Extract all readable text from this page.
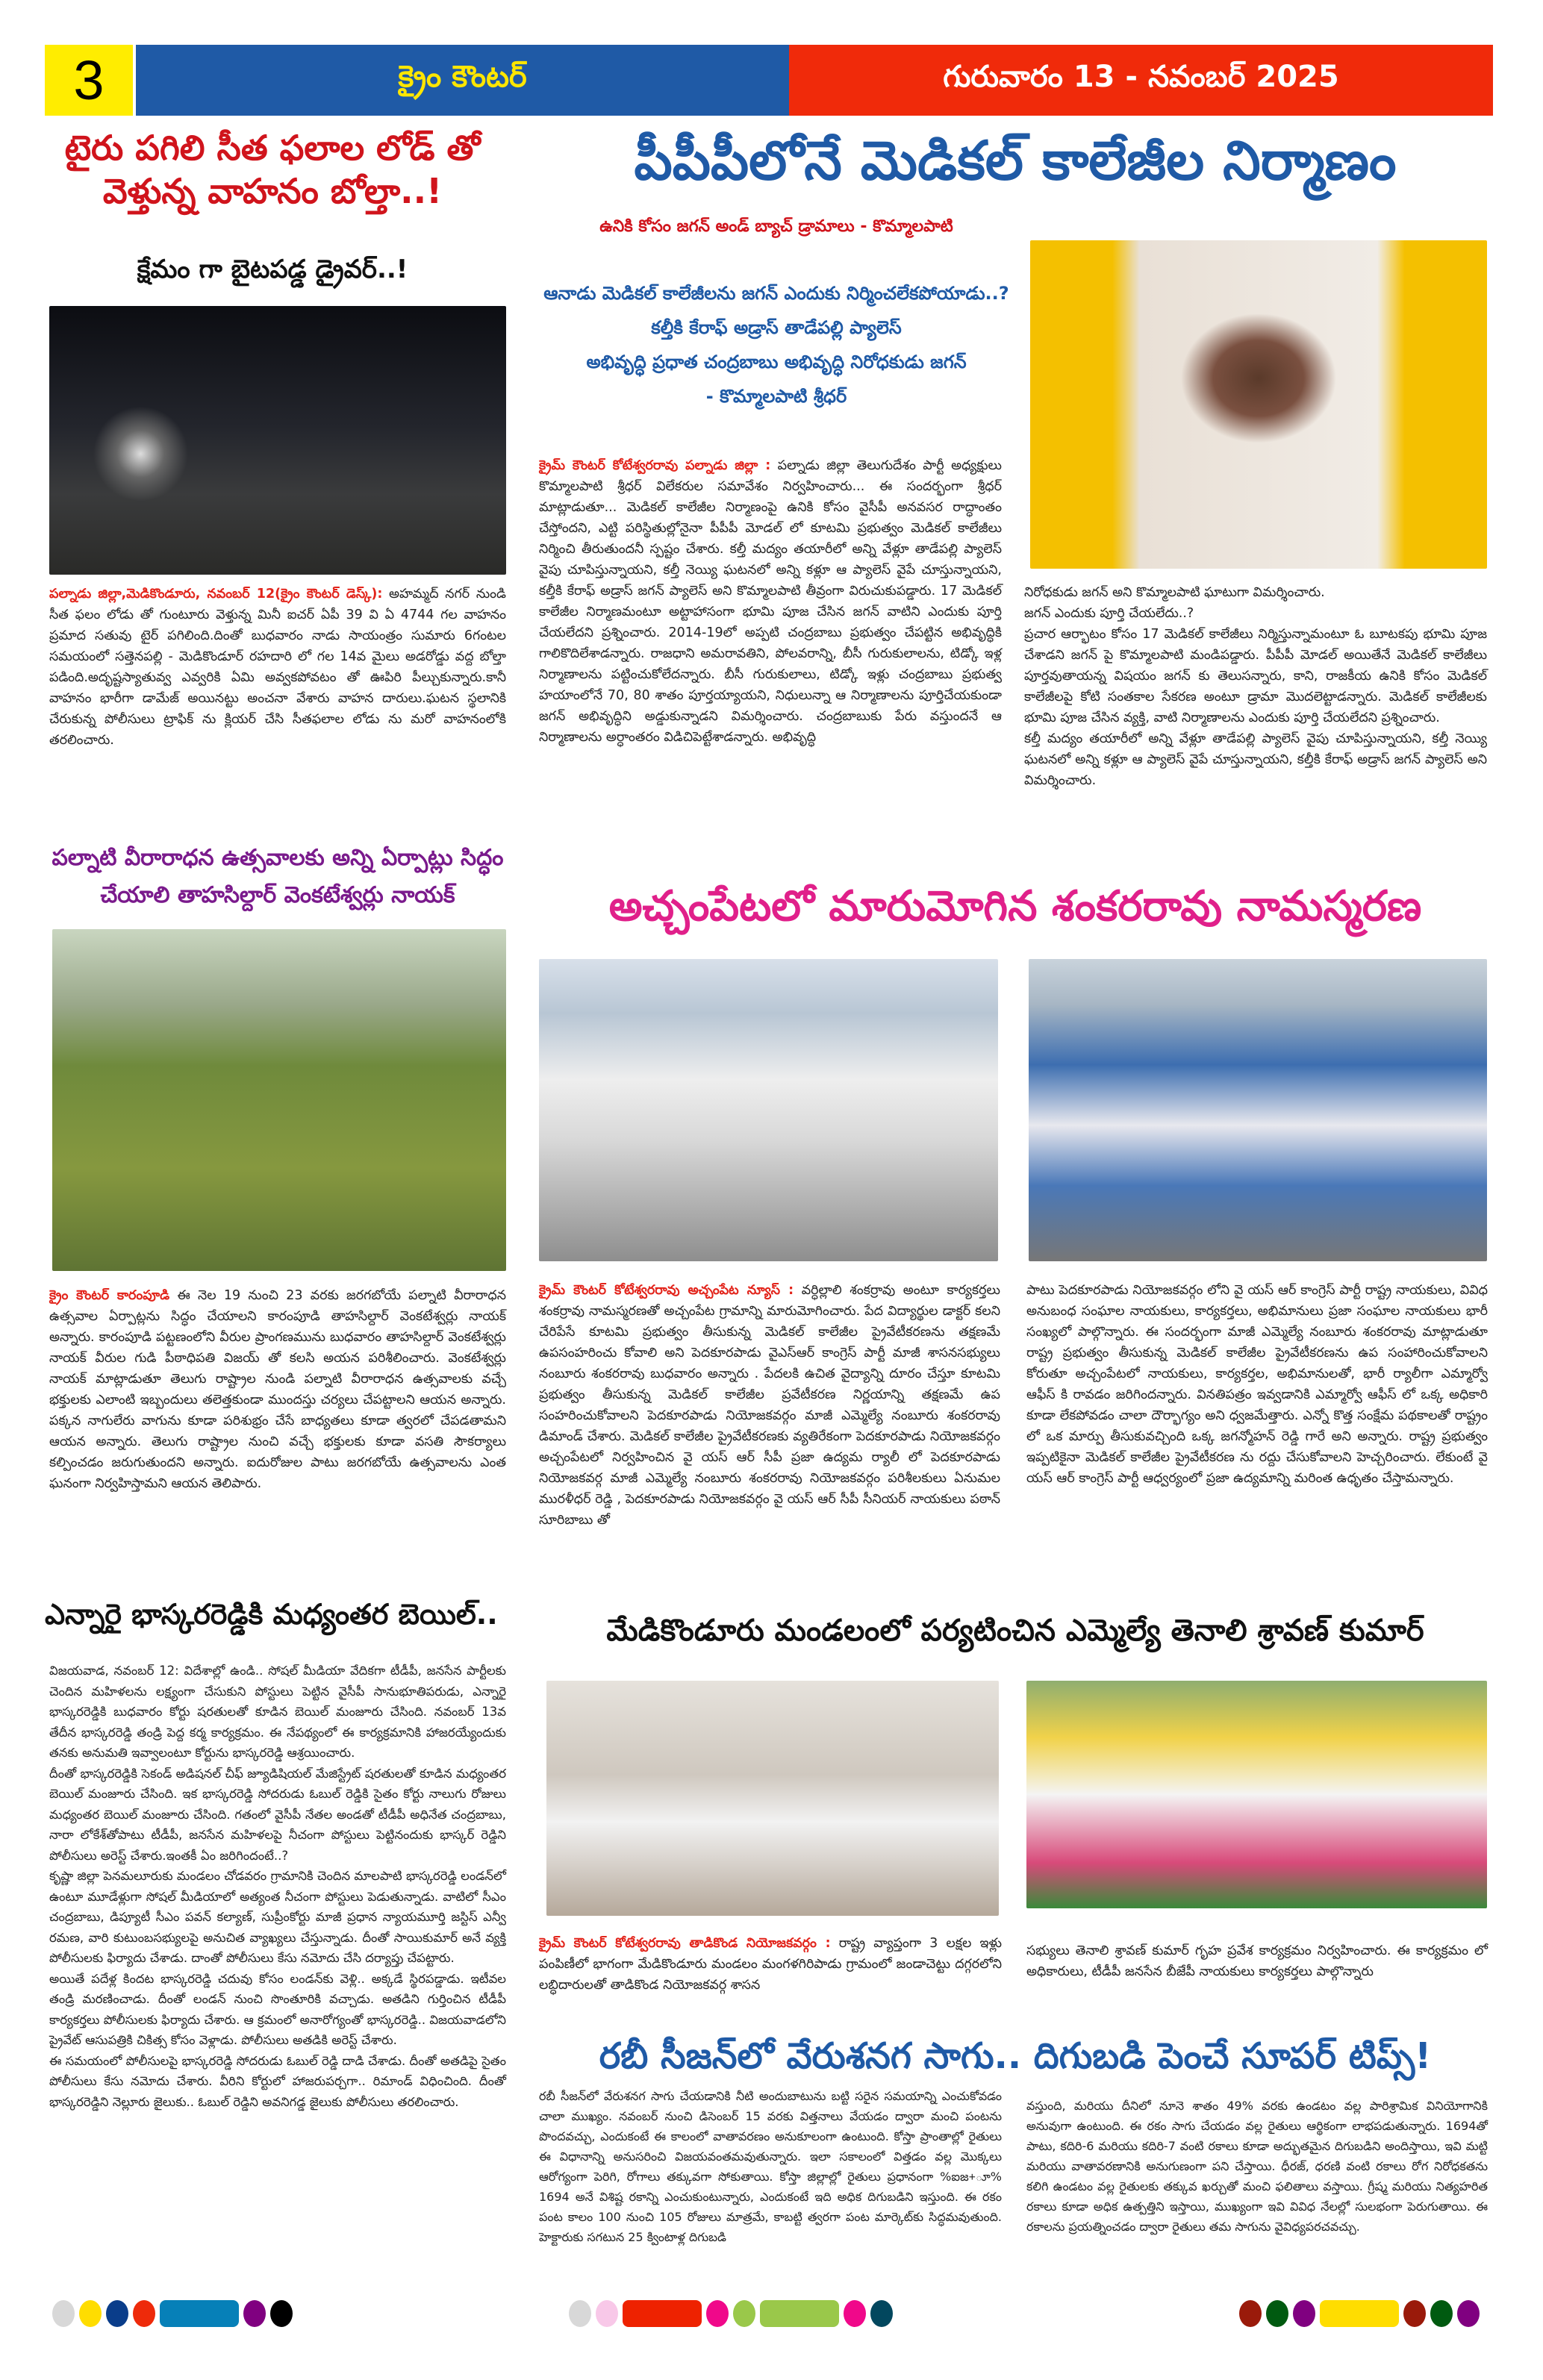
3	క్రైం కౌంటర్	గురువారం 13 - నవంబర్ 2025
టైరు పగిలి సీత ఫలాల లోడ్ తో వెళ్తున్న వాహనం బోల్తా..!
క్షేమం గా బైటపడ్డ డ్రైవర్..!
పల్నాడు జిల్లా,మెడికొండూరు, నవంబర్ 12(క్రైం కౌంటర్ డెస్క్): అహమ్మద్ నగర్ నుండి సీత ఫలం లోడు తో గుంటూరు వెళ్తున్న మినీ ఐచర్ ఏపీ 39 వి ఏ 4744 గల వాహనం ప్రమాద సతువు టైర్ పగిలింది.దింతో బుధవారం నాడు సాయంత్రం సుమారు 6గంటల సమయంలో సత్తెనపల్లి - మెడికొండూర్ రహదారి లో గల 14వ మైలు అడరోడ్డు వద్ద బోల్తా పడింది.అదృష్టస్యాతువ్వ ఎవ్వరికి ఏమి అవ్వకపోవటం తో ఊపిరి పీల్చుకున్నారు.కానీ వాహనం భారీగా డామేజ్ అయినట్టు అంచనా వేశారు వాహన దారులు.ఘటన స్థలానికి చేరుకున్న పోలీసులు ట్రాఫిక్ ను క్లియర్ చేసి సీతఫలాల లోడు ను మరో వాహనంలోకి తరలించారు.
పల్నాటి వీరారాధన ఉత్సవాలకు అన్ని ఏర్పాట్లు సిద్ధం చేయాలి తాహసిల్దార్ వెంకటేశ్వర్లు నాయక్
క్రైం కౌంటర్ కారంపూడి ఈ నెల 19 నుంచి 23 వరకు జరగబోయే పల్నాటి వీరారాధన ఉత్సవాల ఏర్పాట్లను సిద్ధం చేయాలని కారంపూడి తాహసిల్దార్ వెంకటేశ్వర్లు నాయక్ అన్నారు. కారంపూడి పట్టణంలోని వీరుల ప్రాంగణమును బుధవారం తాహసిల్దార్ వెంకటేశ్వర్లు నాయక్ వీరుల గుడి పీఠాధిపతి విజయ్ తో కలసి అయన పరిశీలించారు. వెంకటేశ్వర్లు నాయక్ మాట్లాడుతూ తెలుగు రాష్ట్రాల నుండి పల్నాటి వీరారాధన ఉత్సవాలకు వచ్చే భక్తులకు ఎలాంటి ఇబ్బందులు తలెత్తకుండా ముందస్తు చర్యలు చేపట్టాలని ఆయన అన్నారు. పక్కన నాగులేరు వాగును కూడా పరిశుభ్రం చేసే బాధ్యతలు కూడా త్వరలో చేపడతామని ఆయన అన్నారు. తెలుగు రాష్ట్రాల నుంచి వచ్చే భక్తులకు కూడా వసతి సౌకర్యాలు కల్పించడం జరుగుతుందని అన్నారు. ఐదురోజుల పాటు జరగబోయే ఉత్సవాలను ఎంత ఘనంగా నిర్వహిస్తామని ఆయన తెలిపారు.
ఎన్నారై భాస్కరరెడ్డికి మధ్యంతర బెయిల్..

విజయవాడ, నవంబర్ 12: విదేశాల్లో ఉండి.. సోషల్ మీడియా వేదికగా టీడీపీ, జనసేన పార్టీలకు చెందిన మహిళలను లక్ష్యంగా చేసుకుని పోస్టులు పెట్టిన వైసీపీ సానుభూతిపరుడు, ఎన్నారై భాస్కరరెడ్డికి బుధవారం కోర్టు షరతులతో కూడిన బెయిల్ మంజూరు చేసింది. నవంబర్ 13వ తేదీన భాస్కరరెడ్డి తండ్రి పెద్ద కర్మ కార్యక్రమం. ఈ నేపథ్యంలో ఈ కార్యక్రమానికి హాజరయ్యేందుకు తనకు అనుమతి ఇవ్వాలంటూ కోర్టును భాస్కరరెడ్డి ఆశ్రయించారు.

దీంతో భాస్కరరెడ్డికి సెకండ్ అడిషనల్ చీఫ్ జ్యూడిషియల్ మేజిస్ట్రేట్ షరతులతో కూడిన మధ్యంతర బెయిల్ మంజూరు చేసింది. ఇక భాస్కరరెడ్డి సోదరుడు ఓబుల్ రెడ్డికి సైతం కోర్టు నాలుగు రోజులు మధ్యంతర బెయిల్ మంజూరు చేసింది. గతంలో వైసీపీ నేతల అండతో టీడీపీ అధినేత చంద్రబాబు, నారా లోకేశ్‌తోపాటు టీడీపీ, జనసేన మహిళలపై నీచంగా పోస్టులు పెట్టినందుకు భాస్కర్ రెడ్డిని పోలీసులు అరెస్ట్ చేశారు.ఇంతకీ ఏం జరిగిందంటే..?

కృష్ణా జిల్లా పెనమలూరుకు మండలం చోడవరం గ్రామానికి చెందిన మాలపాటి భాస్కరరెడ్డి లండన్‌లో ఉంటూ మూడేళ్లుగా సోషల్ మీడియాలో అత్యంత నీచంగా పోస్టులు పెడుతున్నాడు. వాటిలో సీఎం చంద్రబాబు, డిప్యూటీ సీఎం పవన్ కల్యాణ్, సుప్రీంకోర్టు మాజీ ప్రధాన న్యాయమూర్తి జస్టిస్ ఎన్వీ రమణ, వారి కుటుంబసభ్యులపై అనుచిత వ్యాఖ్యలు చేస్తున్నాడు. దీంతో సాయికుమార్ అనే వ్యక్తి పోలీసులకు ఫిర్యాదు చేశాడు. దాంతో పోలీసులు కేసు నమోదు చేసి దర్యాప్తు చేపట్టారు.

అయితే పదేళ్ల కిందట భాస్కరరెడ్డి చదువు కోసం లండన్‌కు వెళ్లి.. అక్కడే స్థిరపడ్డాడు. ఇటీవల తండ్రి మరణించాడు. దీంతో లండన్ నుంచి సొంతూరికి వచ్చాడు. అతడిని గుర్తించిన టీడీపీ కార్యకర్తలు పోలీసులకు ఫిర్యాదు చేశారు. ఆ క్రమంలో అనారోగ్యంతో భాస్కరరెడ్డి.. విజయవాడలోని ప్రైవేట్ ఆసుపత్రికి చికిత్స కోసం వెళ్లాడు. పోలీసులు అతడికి అరెస్ట్ చేశారు.

ఈ సమయంలో పోలీసులపై భాస్కరరెడ్డి సోదరుడు ఓబుల్ రెడ్డి దాడి చేశాడు. దీంతో అతడిపై సైతం పోలీసులు కేసు నమోదు చేశారు. వీరిని కోర్టులో హాజరుపర్చగా.. రిమాండ్ విధించింది. దీంతో భాస్కరరెడ్డిని నెల్లూరు జైలుకు.. ఓబుల్ రెడ్డిని అవనిగడ్డ జైలుకు పోలీసులు తరలించారు.

పీపీపీలోనే మెడికల్ కాలేజీల నిర్మాణం
ఉనికి కోసం జగన్ అండ్ బ్యాచ్ డ్రామాలు - కొమ్మాలపాటి
ఆనాడు మెడికల్ కాలేజీలను జగన్ ఎందుకు నిర్మించలేకపోయాడు..?
కల్తీకి కేరాఫ్ అడ్రాస్ తాడేపల్లి ప్యాలెస్
అభివృద్ధి ప్రధాత చంద్రబాబు అభివృద్ధి నిరోధకుడు జగన్
- కొమ్మాలపాటి శ్రీధర్
క్రైమ్ కౌంటర్ కోటేశ్వరరావు పల్నాడు జిల్లా : పల్నాడు జిల్లా తెలుగుదేశం పార్టీ అధ్యక్షులు కొమ్మాలపాటి శ్రీధర్ విలేకరుల సమావేశం నిర్వహించారు... ఈ సందర్భంగా శ్రీధర్ మాట్లాడుతూ... మెడికల్ కాలేజీల నిర్మాణంపై ఉనికి కోసం వైసీపీ అనవసర రాద్ధాంతం చేస్తోందని, ఎట్టి పరిస్థితుల్లోనైనా పీపీపీ మోడల్ లో కూటమి ప్రభుత్వం మెడికల్ కాలేజీలు నిర్మించి తీరుతుందనీ స్పష్టం చేశారు. కల్తీ మద్యం తయారీలో అన్ని వేళ్లూ తాడేపల్లి ప్యాలెస్ వైపు చూపిస్తున్నాయని, కల్తీ నెయ్యి ఘటనలో అన్ని కళ్లూ ఆ ప్యాలెస్ వైపే చూస్తున్నాయని, కల్తీకి కేరాఫ్ అడ్రాస్ జగన్ ప్యాలెస్ అని కొమ్మాలపాటి తీవ్రంగా విరుచుకుపడ్డారు. 17 మెడికల్ కాలేజీల నిర్మాణమంటూ అట్టాహాసంగా భూమి పూజ చేసిన జగన్ వాటిని ఎందుకు పూర్తి చేయలేదని ప్రశ్నించారు. 2014-19లో అప్పటి చంద్రబాబు ప్రభుత్వం చేపట్టిన అభివృద్ధికి గాలికొదిలేశాడన్నారు. రాజధాని అమరావతిని, పోలవరాన్ని, బీసీ గురుకులాలను, టిడ్కో ఇళ్ల నిర్మాణాలను పట్టించుకోలేదన్నారు. బీసీ గురుకులాలు, టిడ్కో ఇళ్లు చంద్రబాబు ప్రభుత్వ హయాంలోనే 70, 80 శాతం పూర్తయ్యాయని, నిధులున్నా ఆ నిర్మాణాలను పూర్తిచేయకుండా జగన్ అభివృద్ధిని అడ్డుకున్నాడని విమర్శించారు. చంద్రబాబుకు పేరు వస్తుందనే ఆ నిర్మాణాలను అర్ధాంతరం విడిచిపెట్టేశాడన్నారు. అభివృద్ధి

నిరోధకుడు జగన్ అని కొమ్మాలపాటి ఘాటుగా విమర్శించారు.

జగన్ ఎందుకు పూర్తి చేయలేదు..?

ప్రచార ఆర్భాటం కోసం 17 మెడికల్ కాలేజీలు నిర్మిస్తున్నామంటూ ఓ బూటకపు భూమి పూజ చేశాడని జగన్ పై కొమ్మాలపాటి మండిపడ్డారు. పీపీపీ మోడల్ అయితేనే మెడికల్ కాలేజీలు పూర్తవుతాయన్న విషయం జగన్ కు తెలుసన్నారు, కాని, రాజకీయ ఉనికి కోసం మెడికల్ కాలేజీలపై కోటి సంతకాల సేకరణ అంటూ డ్రామా మొదలెట్టాడన్నారు. మెడికల్ కాలేజీలకు భూమి పూజ చేసిన వ్యక్తి, వాటి నిర్మాణాలను ఎందుకు పూర్తి చేయలేదని ప్రశ్నించారు.

కల్తీ మద్యం తయారీలో అన్ని వేళ్లూ తాడేపల్లి ప్యాలెస్ వైపు చూపిస్తున్నాయని, కల్తీ నెయ్యి ఘటనలో అన్ని కళ్లూ ఆ ప్యాలెస్ వైపే చూస్తున్నాయని, కల్తీకి కేరాఫ్ అడ్రాస్ జగన్ ప్యాలెస్ అని విమర్శించారు.

అచ్చంపేటలో మారుమోగిన శంకరరావు నామస్మరణ
క్రైమ్ కౌంటర్ కోటేశ్వరరావు అచ్చంపేట న్యూస్ : వర్ధిల్లాలి శంకర్రావు అంటూ కార్యకర్తలు శంకర్రావు నామస్మరణతో అచ్చంపేట గ్రామాన్ని మారుమోగించారు. పేద విద్యార్థుల డాక్టర్ కలని చేరిపేసే కూటమి ప్రభుత్వం తీసుకున్న మెడికల్ కాలేజీల ప్రైవేటీకరణను తక్షణమే ఉపసంహరించు కోవాలి అని పెదకూరపాడు వైఎస్ఆర్ కాంగ్రెస్ పార్టీ మాజీ శాసనసభ్యులు నంబూరు శంకరరావు బుధవారం అన్నారు . పేదలకి ఉచిత వైద్యాన్ని దూరం చేస్తూ కూటమి ప్రభుత్వం తీసుకున్న మెడికల్ కాలేజీల ప్రవేటీకరణ నిర్ణయాన్ని తక్షణమే ఉప సంహరించుకోవాలని పెదకూరపాడు నియోజకవర్గం మాజీ ఎమ్మెల్యే నంబూరు శంకరరావు డిమాండ్ చేశారు. మెడికల్ కాలేజీల ప్రైవేటీకరణకు వ్యతిరేకంగా పెదకూరపాడు నియోజకవర్గం అచ్చంపేటలో నిర్వహించిన వై యస్ ఆర్ సీపీ ప్రజా ఉద్యమ ర్యాలీ లో పెదకూరపాడు నియోజకవర్గ మాజీ ఎమ్మెల్యే నంబూరు శంకరరావు నియోజకవర్గం పరిశీలకులు ఏనుమల మురళీధర్ రెడ్డి , పెదకూరపాడు నియోజకవర్గం వై యస్ ఆర్ సీపీ సీనియర్ నాయకులు పఠాన్ సూరిబాబు తో
పాటు పెదకూరపాడు నియోజకవర్గం లోని వై యస్ ఆర్ కాంగ్రెస్ పార్టీ రాష్ట్ర నాయకులు, వివిధ అనుబంధ సంఘాల నాయకులు, కార్యకర్తలు, అభిమానులు ప్రజా సంఘాల నాయకులు భారీ సంఖ్యలో పాల్గొన్నారు. ఈ సందర్భంగా మాజీ ఎమ్మెల్యే నంబూరు శంకరరావు మాట్లాడుతూ రాష్ట్ర ప్రభుత్వం తీసుకున్న మెడికల్ కాలేజీల ప్రైవేటీకరణను ఉప సంహారించుకోవాలని కోరుతూ అచ్చంపేటలో నాయకులు, కార్యకర్తల, అభిమానులతో, భారీ ర్యాలీగా ఎమ్మార్వో ఆఫీస్ కి రావడం జరిగిందన్నారు. వినతిపత్రం ఇవ్వడానికి ఎమ్మార్వో ఆఫీస్ లో ఒక్క అధికారి కూడా లేకపోవడం చాలా దౌర్భాగ్యం అని ధ్వజమేత్తారు. ఎన్నో కొత్త సంక్షేమ పథకాలతో రాష్ట్రం లో ఒక మార్పు తీసుకువచ్చింది ఒక్క జగన్మోహన్ రెడ్డి గారే అని అన్నారు. రాష్ట్ర ప్రభుత్వం ఇప్పటికైనా మెడికల్ కాలేజీల ప్రైవేటీకరణ ను రద్దు చేసుకోవాలని హెచ్చరించారు. లేకుంటే వై యస్ ఆర్ కాంగ్రెస్ పార్టీ ఆధ్వర్యంలో ప్రజా ఉద్యమాన్ని మరింత ఉధృతం చేస్తామన్నారు.
మేడికొండూరు మండలంలో పర్యటించిన ఎమ్మెల్యే తెనాలి శ్రావణ్ కుమార్
క్రైమ్ కౌంటర్ కోటేశ్వరరావు తాడికొండ నియోజకవర్గం : రాష్ట్ర వ్యాప్తంగా 3 లక్షల ఇళ్లు పంపిణీలో భాగంగా మేడికొండూరు మండలం మంగళగిరిపాడు గ్రామంలో జండాచెట్టు దగ్గరలోని లబ్ధిదారులతో తాడికొండ నియోజకవర్గ శాసన
సభ్యులు తెనాలి శ్రావణ్ కుమార్ గృహ ప్రవేశ కార్యక్రమం నిర్వహించారు. ఈ కార్యక్రమం లో అధికారులు, టీడీపీ జనసేన బీజేపీ నాయకులు కార్యకర్తలు పాల్గొన్నారు
రబీ సీజన్‌లో వేరుశనగ సాగు.. దిగుబడి పెంచే సూపర్ టిప్స్!
రబీ సీజన్‌లో వేరుశనగ సాగు చేయడానికి నీటి అందుబాటును బట్టి సరైన సమయాన్ని ఎంచుకోవడం చాలా ముఖ్యం. నవంబర్ నుంచి డిసెంబర్ 15 వరకు విత్తనాలు వేయడం ద్వారా మంచి పంటను పొందవచ్చు, ఎందుకంటే ఈ కాలంలో వాతావరణం అనుకూలంగా ఉంటుంది. కోస్తా ప్రాంతాల్లో రైతులు ఈ విధానాన్ని అనుసరించి విజయవంతమవుతున్నారు. ఇలా సకాలంలో విత్తడం వల్ల మొక్కలు ఆరోగ్యంగా పెరిగి, రోగాలు తక్కువగా సోకుతాయి. కోస్తా జిల్లాల్లో రైతులు ప్రధానంగా %ఐజ+ూ% 1694 అనే విశిష్ట రకాన్ని ఎంచుకుంటున్నారు, ఎందుకంటే ఇది అధిక దిగుబడిని ఇస్తుంది. ఈ రకం పంట కాలం 100 నుంచి 105 రోజులు మాత్రమే, కాబట్టి త్వరగా పంట మార్కెట్‌కు సిద్ధమవుతుంది. హెక్టారుకు సగటున 25 క్వింటాళ్ల దిగుబడి
వస్తుంది, మరియు దీనిలో నూనె శాతం 49% వరకు ఉండటం వల్ల పారిశ్రామిక వినియోగానికి అనువుగా ఉంటుంది. ఈ రకం సాగు చేయడం వల్ల రైతులు ఆర్థికంగా లాభపడుతున్నారు. 1694తో పాటు, కదిరి-6 మరియు కదిరి-7 వంటి రకాలు కూడా అద్భుతమైన దిగుబడిని అందిస్తాయి, ఇవి మట్టి మరియు వాతావరణానికి అనుగుణంగా పని చేస్తాయి. ధీరజ్, ధరణి వంటి రకాలు రోగ నిరోధకతను కలిగి ఉండటం వల్ల రైతులకు తక్కువ ఖర్చుతో మంచి ఫలితాలు వస్తాయి. గ్రీష్మ మరియు నిత్యహరిత రకాలు కూడా అధిక ఉత్పత్తిని ఇస్తాయి, ముఖ్యంగా ఇవి వివిధ నేలల్లో సులభంగా పెరుగుతాయి. ఈ రకాలను ప్రయత్నించడం ద్వారా రైతులు తమ సాగును వైవిధ్యపరచవచ్చు.
